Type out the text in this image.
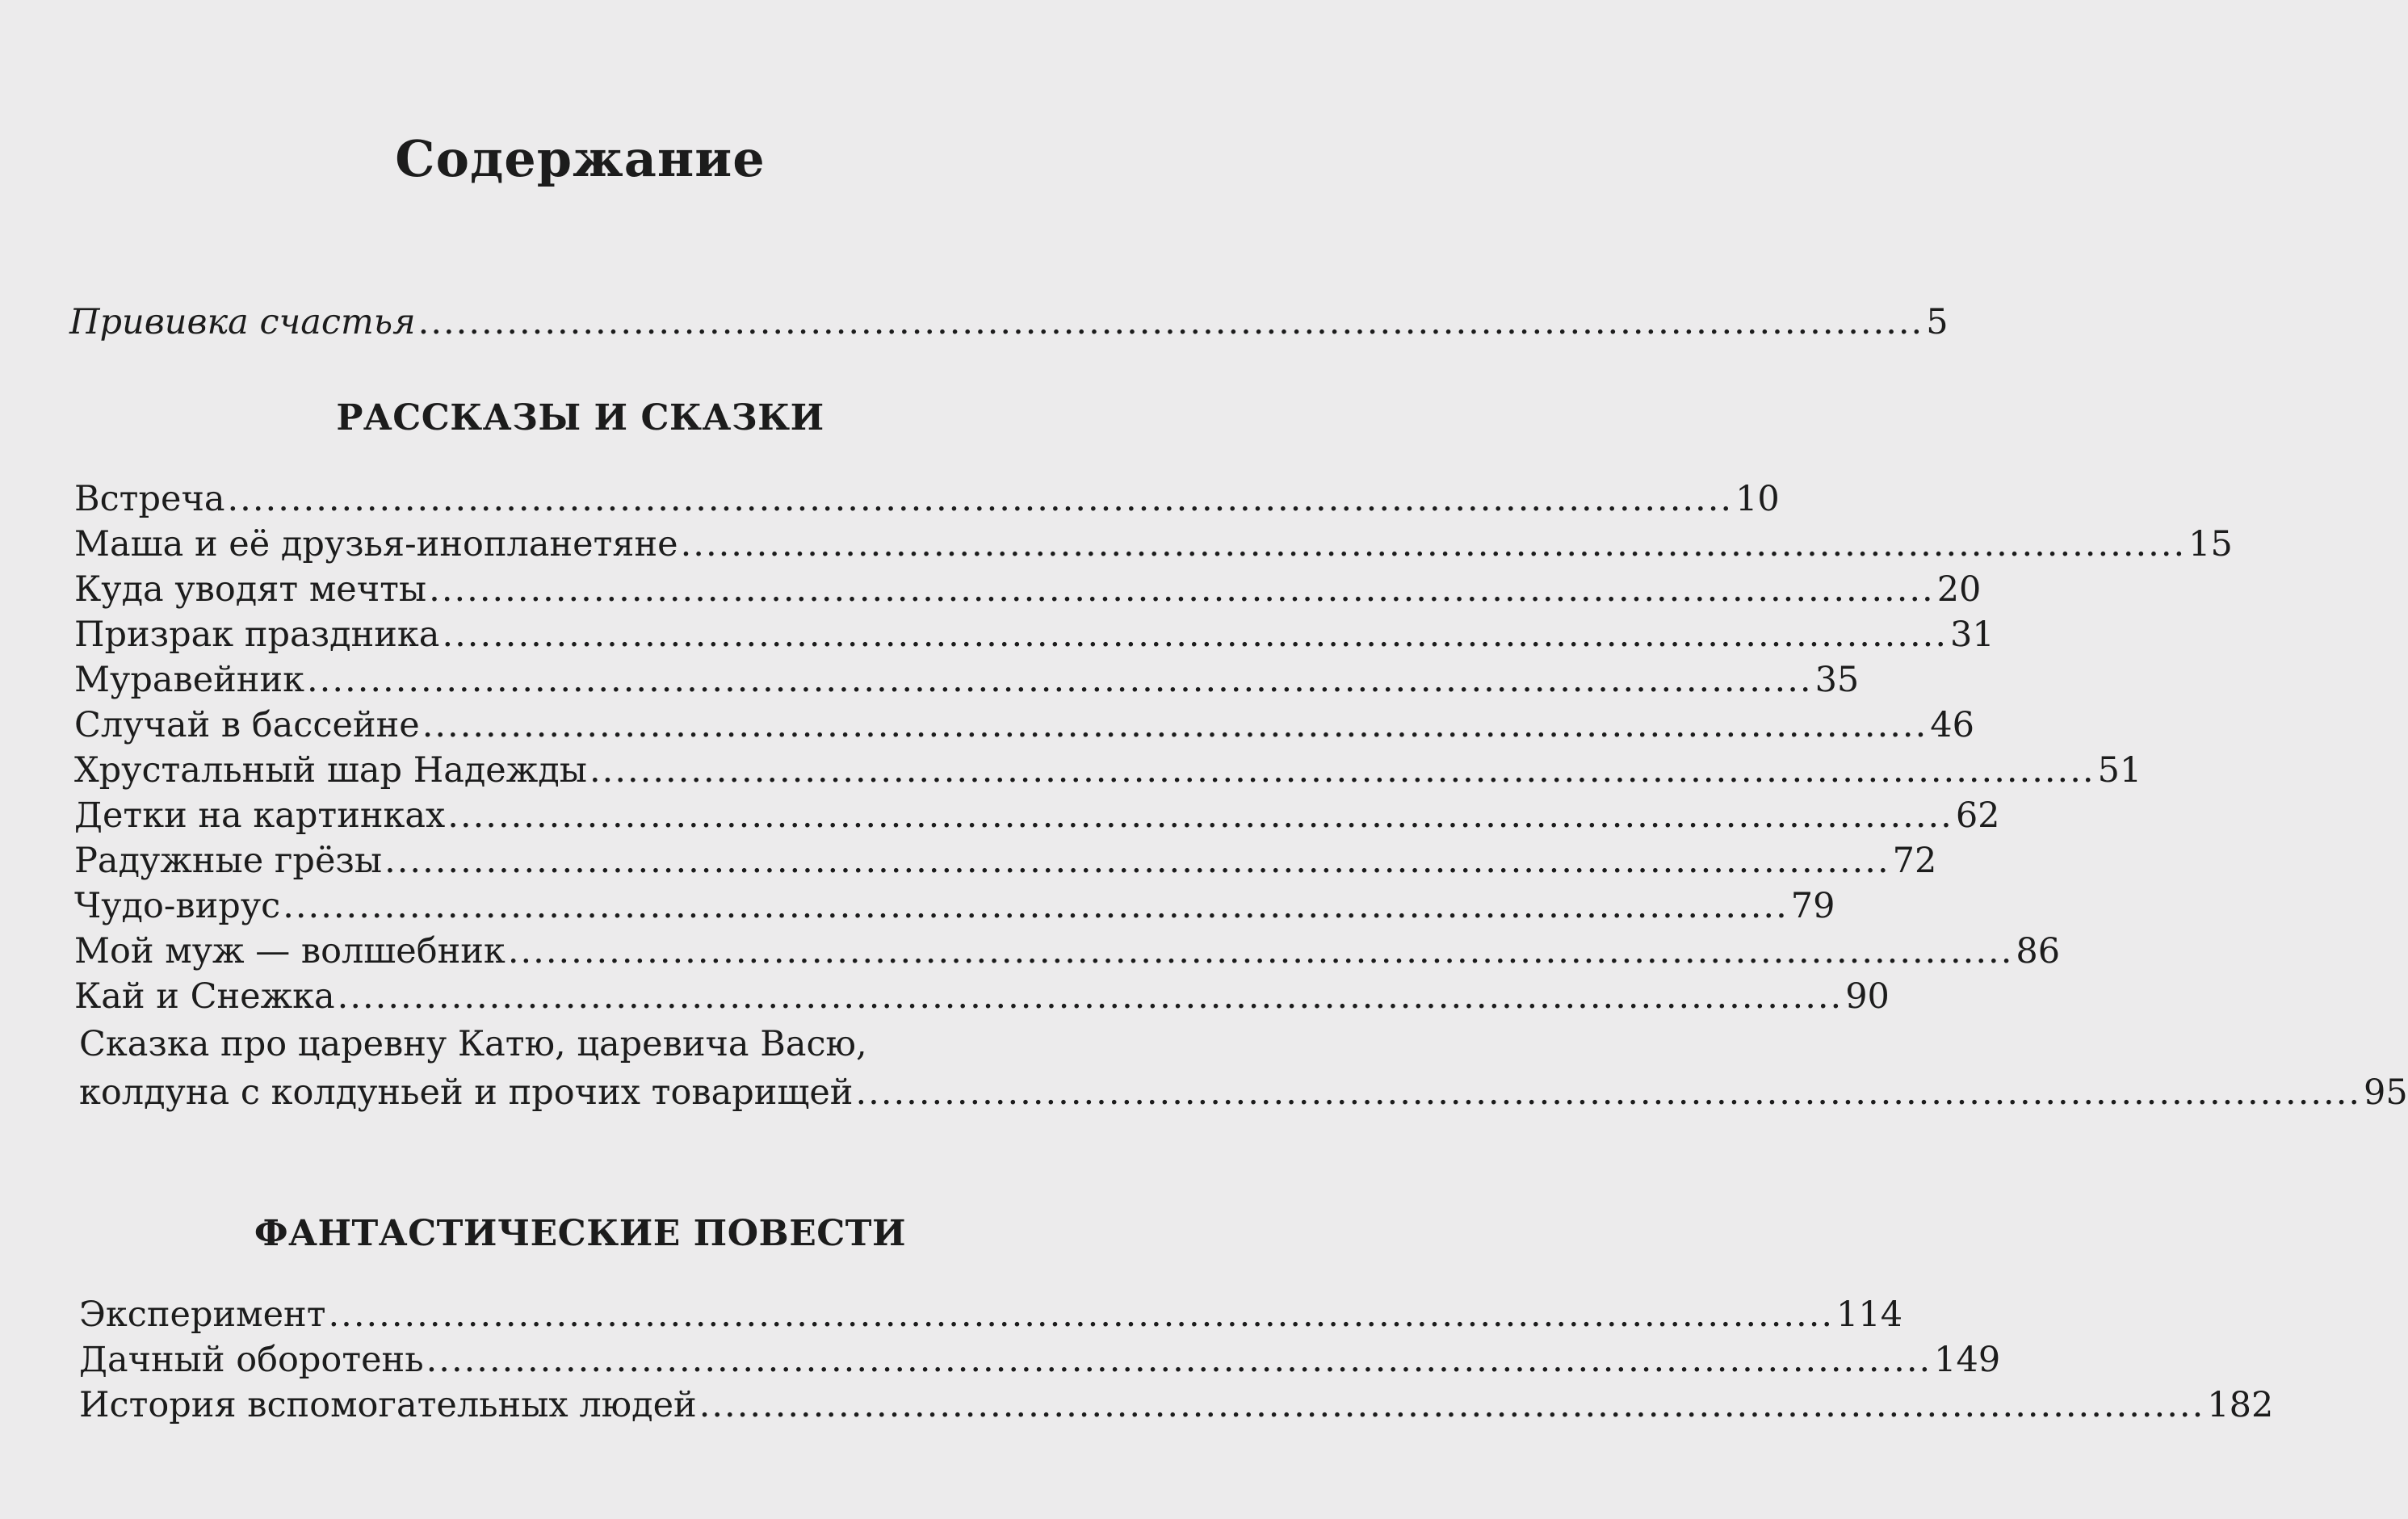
Содержание
Прививка счастья ....................................................................................................................... 5
РАССКАЗЫ И СКАЗКИ
Встреча ....................................................................................................................... 10
Маша и её друзья-инопланетяне ....................................................................................................................... 15
Куда уводят мечты ....................................................................................................................... 20
Призрак праздника ....................................................................................................................... 31
Муравейник ....................................................................................................................... 35
Случай в бассейне ....................................................................................................................... 46
Хрустальный шар Надежды ....................................................................................................................... 51
Детки на картинках ....................................................................................................................... 62
Радужные грёзы ....................................................................................................................... 72
Чудо-вирус ....................................................................................................................... 79
Мой муж — волшебник ....................................................................................................................... 86
Кай и Снежка ....................................................................................................................... 90
Сказка про царевну Катю, царевича Васю,
колдуна с колдуньей и прочих товарищей ....................................................................................................................... 95
ФАНТАСТИЧЕСКИЕ ПОВЕСТИ
Эксперимент ....................................................................................................................... 114
Дачный оборотень ....................................................................................................................... 149
История вспомогательных людей ....................................................................................................................... 182
